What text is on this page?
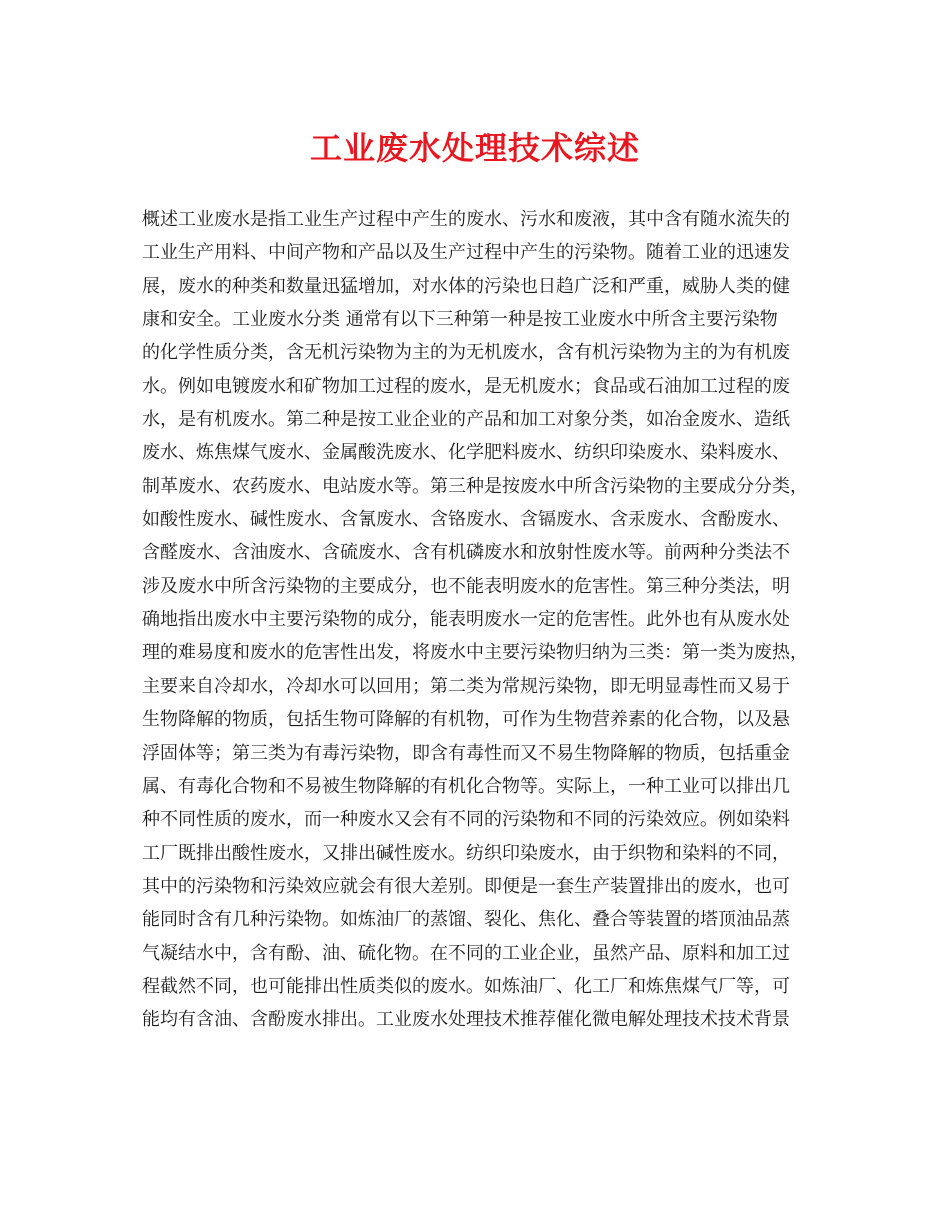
工业废水处理技术综述
概述工业废水是指工业生产过程中产生的废水、污水和废液，其中含有随水流失的
工业生产用料、中间产物和产品以及生产过程中产生的污染物。随着工业的迅速发
展，废水的种类和数量迅猛增加，对水体的污染也日趋广泛和严重，威胁人类的健
康和安全。工业废水分类 通常有以下三种第一种是按工业废水中所含主要污染物
的化学性质分类，含无机污染物为主的为无机废水，含有机污染物为主的为有机废
水。例如电镀废水和矿物加工过程的废水，是无机废水；食品或石油加工过程的废
水，是有机废水。第二种是按工业企业的产品和加工对象分类，如冶金废水、造纸
废水、炼焦煤气废水、金属酸洗废水、化学肥料废水、纺织印染废水、染料废水、
制革废水、农药废水、电站废水等。第三种是按废水中所含污染物的主要成分分类，
如酸性废水、碱性废水、含氰废水、含铬废水、含镉废水、含汞废水、含酚废水、
含醛废水、含油废水、含硫废水、含有机磷废水和放射性废水等。前两种分类法不
涉及废水中所含污染物的主要成分，也不能表明废水的危害性。第三种分类法，明
确地指出废水中主要污染物的成分，能表明废水一定的危害性。此外也有从废水处
理的难易度和废水的危害性出发，将废水中主要污染物归纳为三类：第一类为废热，
主要来自冷却水，冷却水可以回用；第二类为常规污染物，即无明显毒性而又易于
生物降解的物质，包括生物可降解的有机物，可作为生物营养素的化合物，以及悬
浮固体等；第三类为有毒污染物，即含有毒性而又不易生物降解的物质，包括重金
属、有毒化合物和不易被生物降解的有机化合物等。实际上，一种工业可以排出几
种不同性质的废水，而一种废水又会有不同的污染物和不同的污染效应。例如染料
工厂既排出酸性废水，又排出碱性废水。纺织印染废水，由于织物和染料的不同，
其中的污染物和污染效应就会有很大差别。即便是一套生产装置排出的废水，也可
能同时含有几种污染物。如炼油厂的蒸馏、裂化、焦化、叠合等装置的塔顶油品蒸
气凝结水中，含有酚、油、硫化物。在不同的工业企业，虽然产品、原料和加工过
程截然不同，也可能排出性质类似的废水。如炼油厂、化工厂和炼焦煤气厂等，可
能均有含油、含酚废水排出。工业废水处理技术推荐催化微电解处理技术技术背景
